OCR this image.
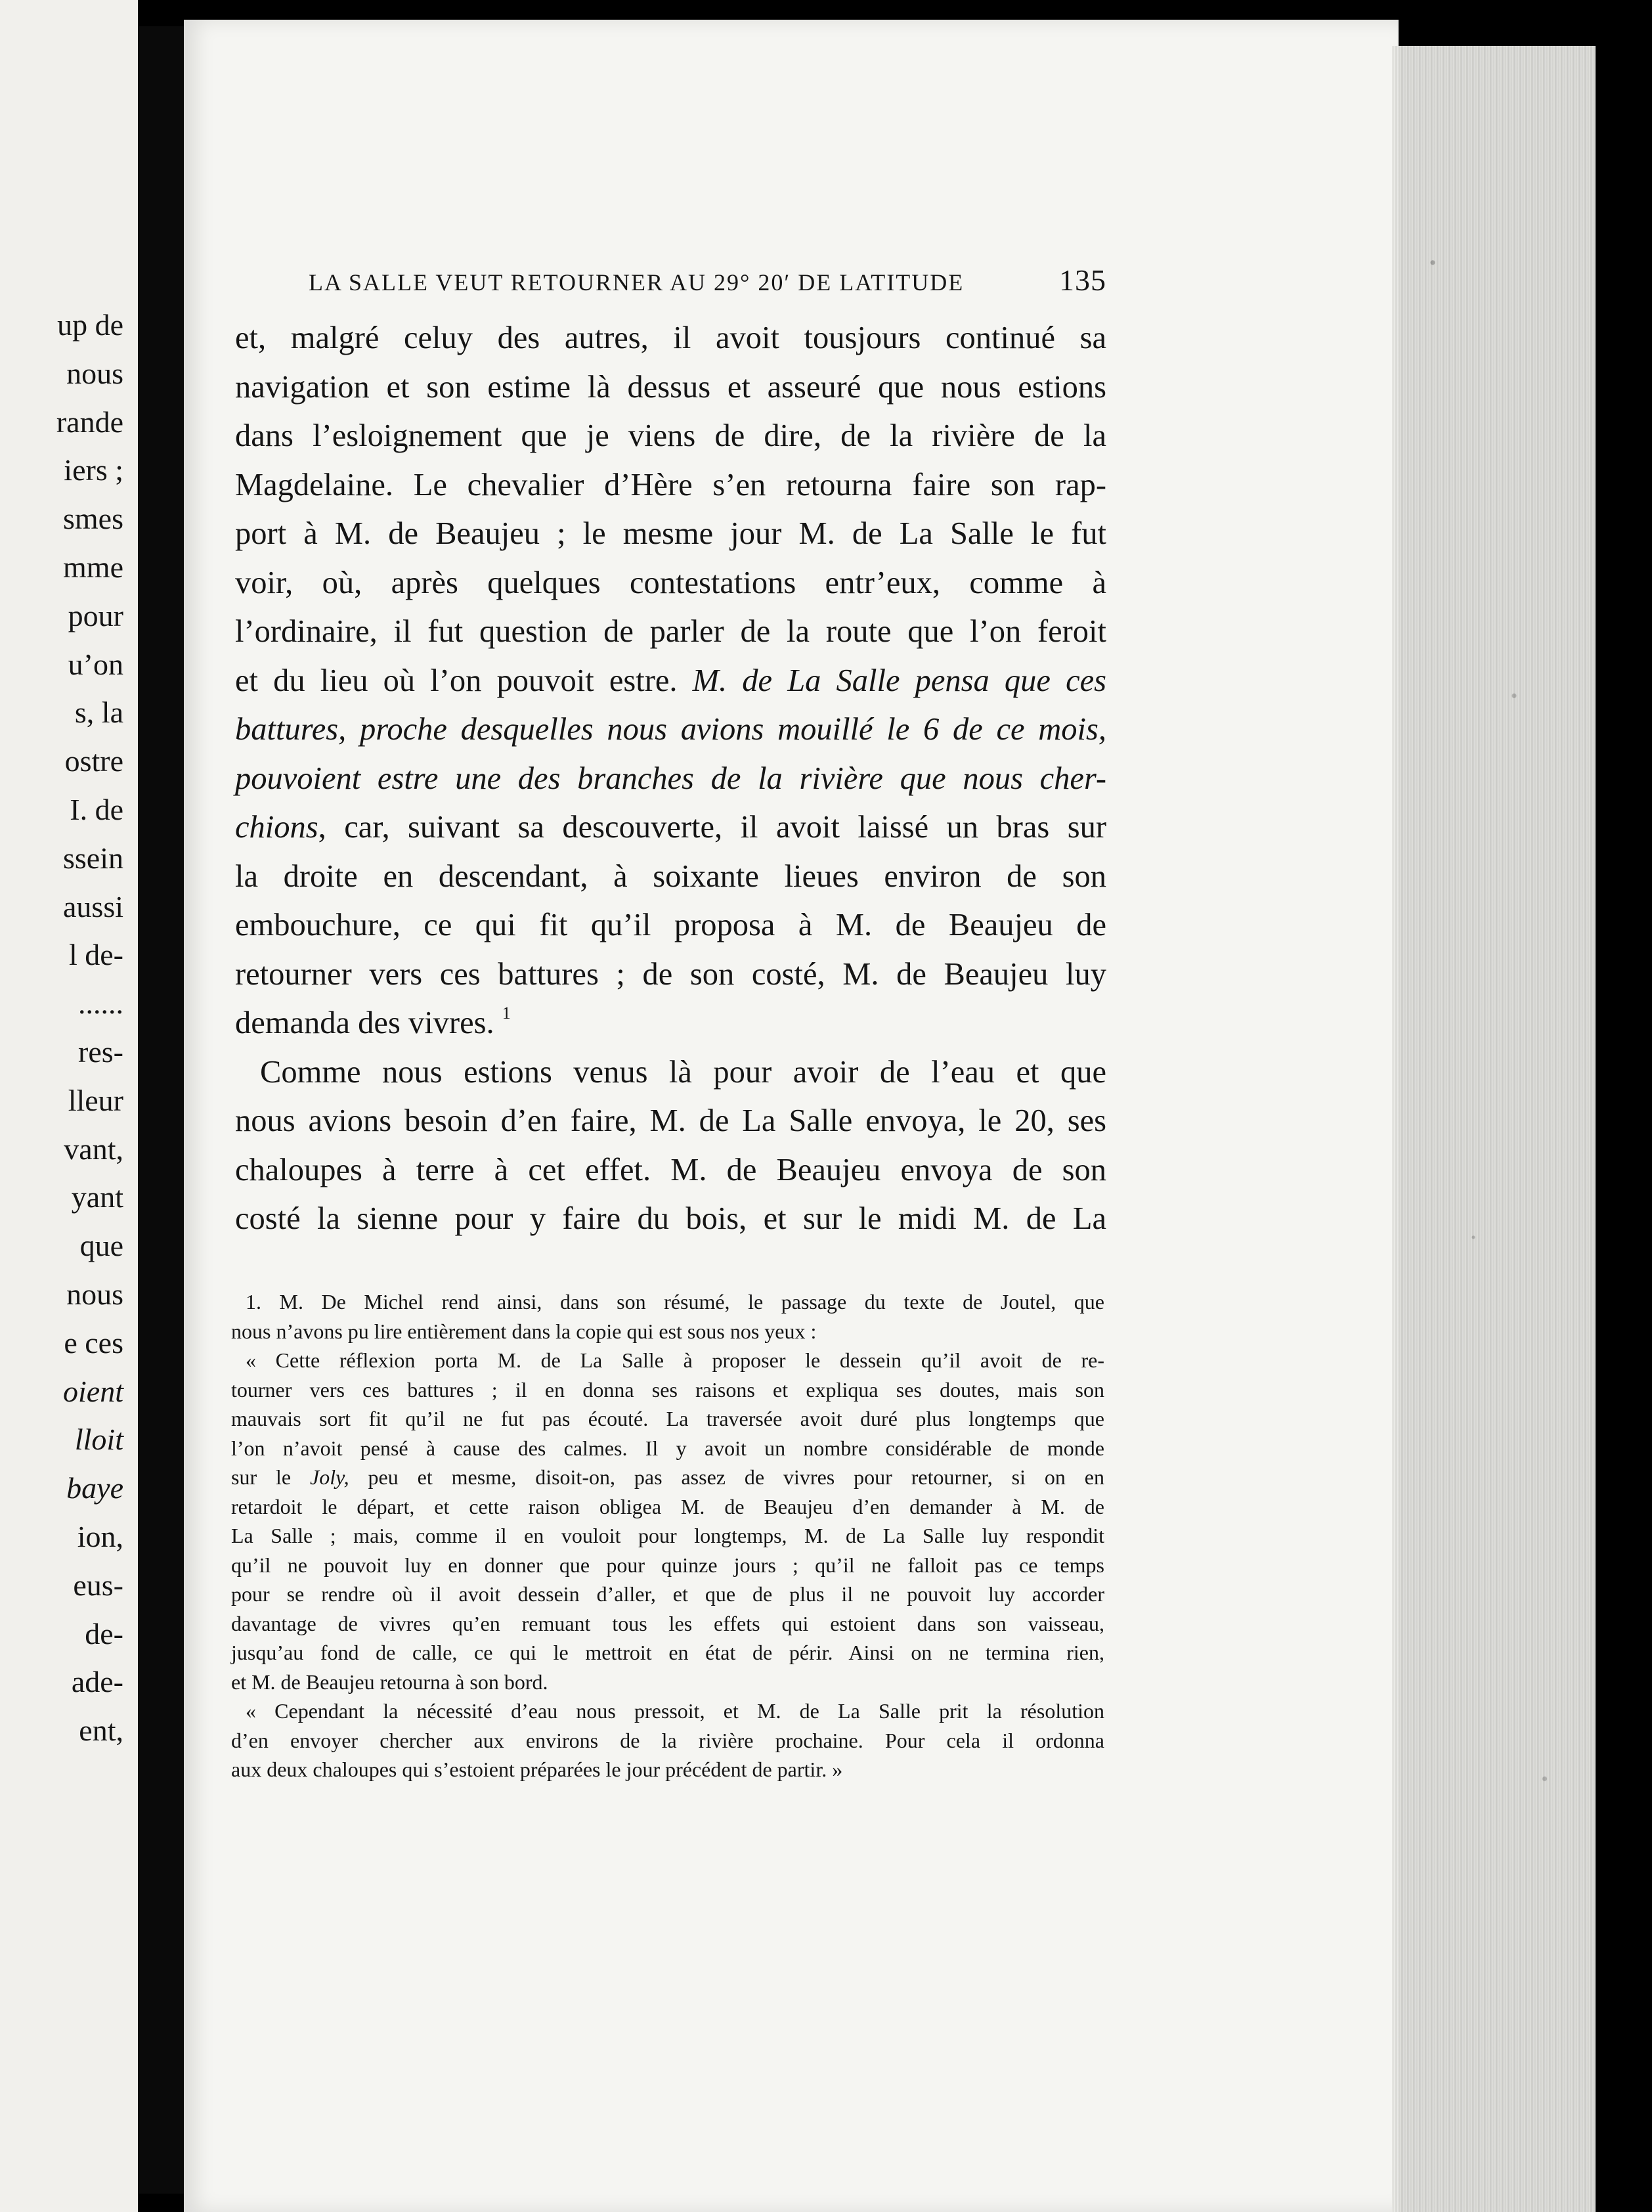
up de
nous
rande
iers ;
smes
mme
pour
u’on
s, la
ostre
I. de
ssein
aussi
l de-
......
res-
lleur
vant,
yant
que
nous
e ces
oient
lloit
baye
ion,
eus-
de-
ade-
ent,
LA SALLE VEUT RETOURNER AU 29° 20′ DE LATITUDE	135
et, malgré celuy des autres, il avoit tousjours continué sa
navigation et son estime là dessus et asseuré que nous estions
dans l’esloignement que je viens de dire, de la rivière de la
Magdelaine. Le chevalier d’Hère s’en retourna faire son rap-
port à M. de Beaujeu ; le mesme jour M. de La Salle le fut
voir, où, après quelques contestations entr’eux, comme à
l’ordinaire, il fut question de parler de la route que l’on feroit
et du lieu où l’on pouvoit estre. M. de La Salle pensa que ces
battures, proche desquelles nous avions mouillé le 6 de ce mois,
pouvoient estre une des branches de la rivière que nous cher-
chions, car, suivant sa descouverte, il avoit laissé un bras sur
la droite en descendant, à soixante lieues environ de son
embouchure, ce qui fit qu’il proposa à M. de Beaujeu de
retourner vers ces battures ; de son costé, M. de Beaujeu luy
demanda des vivres. $^1$
Comme nous estions venus là pour avoir de l’eau et que
nous avions besoin d’en faire, M. de La Salle envoya, le 20, ses
chaloupes à terre à cet effet. M. de Beaujeu envoya de son
costé la sienne pour y faire du bois, et sur le midi M. de La
1. M. De Michel rend ainsi, dans son résumé, le passage du texte de Joutel, que
nous n’avons pu lire entièrement dans la copie qui est sous nos yeux :
« Cette réflexion porta M. de La Salle à proposer le dessein qu’il avoit de re-
tourner vers ces battures ; il en donna ses raisons et expliqua ses doutes, mais son
mauvais sort fit qu’il ne fut pas écouté. La traversée avoit duré plus longtemps que
l’on n’avoit pensé à cause des calmes. Il y avoit un nombre considérable de monde
sur le Joly, peu et mesme, disoit-on, pas assez de vivres pour retourner, si on en
retardoit le départ, et cette raison obligea M. de Beaujeu d’en demander à M. de
La Salle ; mais, comme il en vouloit pour longtemps, M. de La Salle luy respondit
qu’il ne pouvoit luy en donner que pour quinze jours ; qu’il ne falloit pas ce temps
pour se rendre où il avoit dessein d’aller, et que de plus il ne pouvoit luy accorder
davantage de vivres qu’en remuant tous les effets qui estoient dans son vaisseau,
jusqu’au fond de calle, ce qui le mettroit en état de périr. Ainsi on ne termina rien,
et M. de Beaujeu retourna à son bord.
« Cependant la nécessité d’eau nous pressoit, et M. de La Salle prit la résolution
d’en envoyer chercher aux environs de la rivière prochaine. Pour cela il ordonna
aux deux chaloupes qui s’estoient préparées le jour précédent de partir. »
